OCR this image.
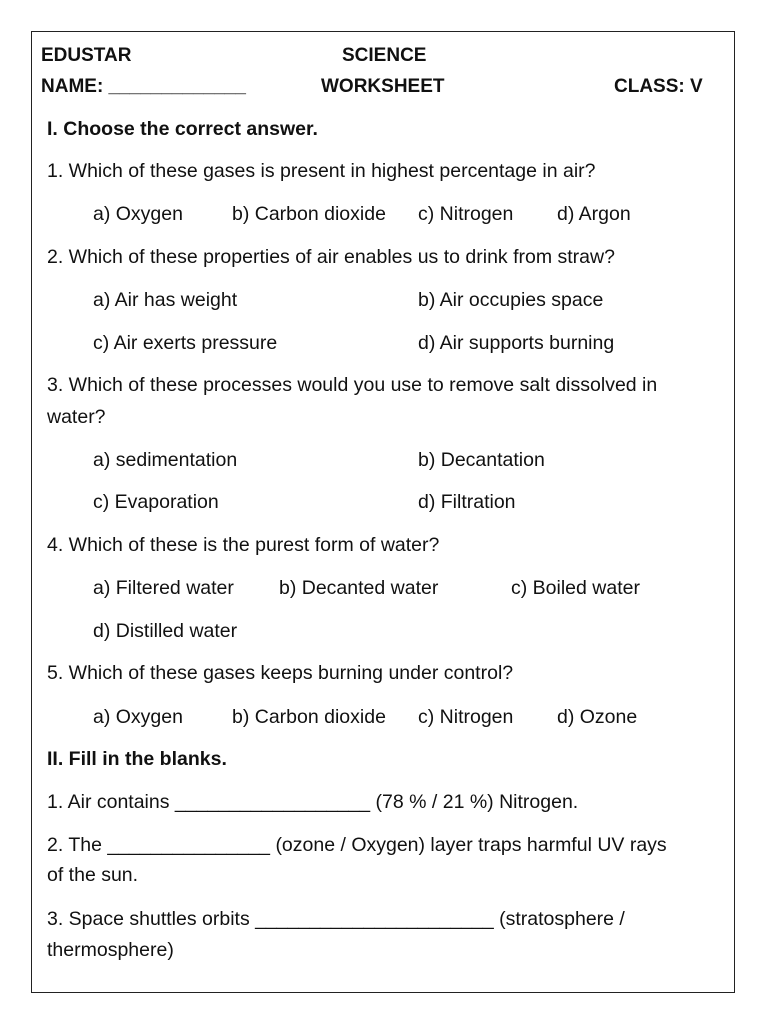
EDUSTAR	SCIENCE
NAME: _____________	WORKSHEET	CLASS: V
I. Choose the correct answer.
1. Which of these gases is present in highest percentage in air?
a) Oxygen	b) Carbon dioxide c) Nitrogen d) Argon
2. Which of these properties of air enables us to drink from straw?
a) Air has weight	b) Air occupies space
c) Air exerts pressure	d) Air supports burning
3. Which of these processes would you use to remove salt dissolved in
water?
a) sedimentation	b) Decantation
c) Evaporation	d) Filtration
4. Which of these is the purest form of water?
a) Filtered water b) Decanted water	c) Boiled water
d) Distilled water
5. Which of these gases keeps burning under control?
a) Oxygen	b) Carbon dioxide c) Nitrogen d) Ozone
II. Fill in the blanks.
1. Air contains __________________ (78 % / 21 %) Nitrogen.
2. The _______________ (ozone / Oxygen) layer traps harmful UV rays
of the sun.
3. Space shuttles orbits ______________________ (stratosphere /
thermosphere)
